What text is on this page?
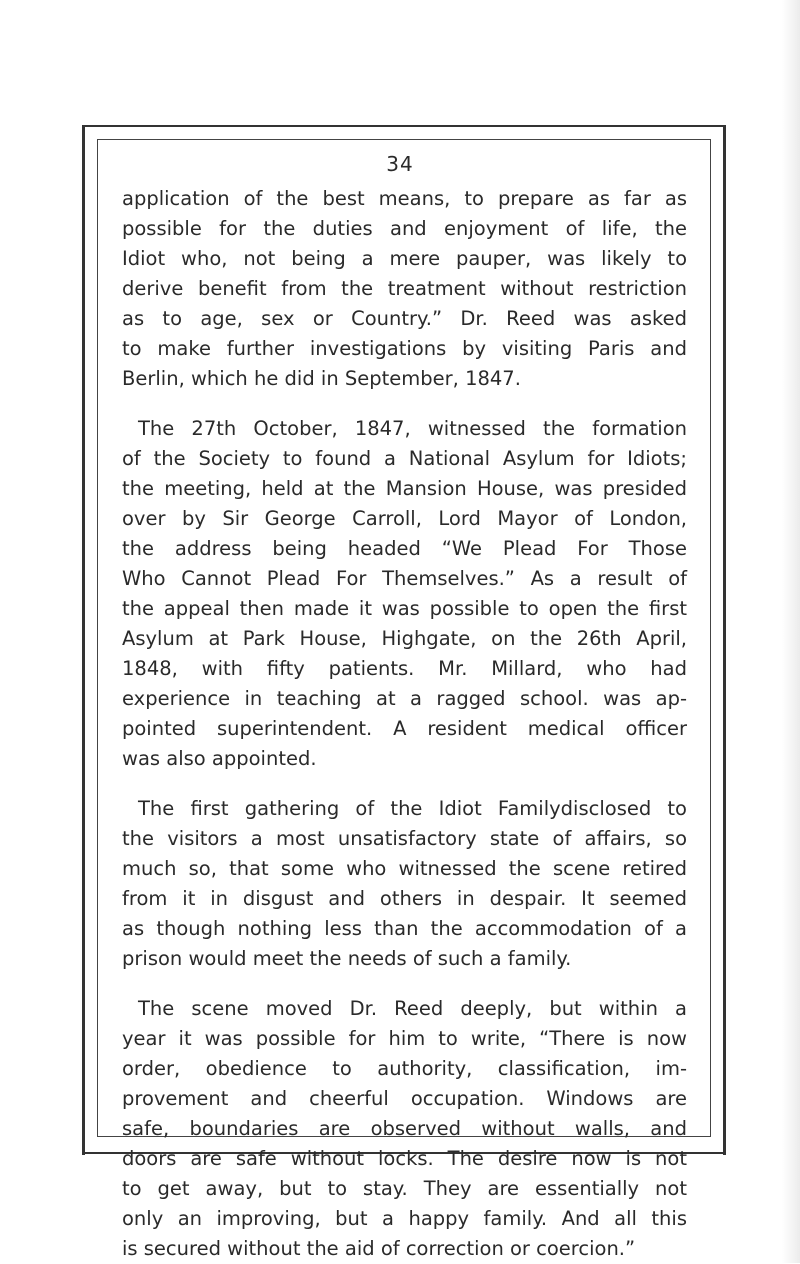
34
application of the best means, to prepare as far as
possible for the duties and enjoyment of life, the
Idiot who, not being a mere pauper, was likely to
derive benefit from the treatment without restriction
as to age, sex or Country.” Dr. Reed was asked
to make further investigations by visiting Paris and
Berlin, which he did in September, 1847.
The 27th October, 1847, witnessed the formation
of the Society to found a National Asylum for Idiots;
the meeting, held at the Mansion House, was presided
over by Sir George Carroll, Lord Mayor of London,
the address being headed “We Plead For Those
Who Cannot Plead For Themselves.” As a result of
the appeal then made it was possible to open the first
Asylum at Park House, Highgate, on the 26th April,
1848, with fifty patients. Mr. Millard, who had
experience in teaching at a ragged school. was ap-
pointed superintendent. A resident medical officer
was also appointed.
The first gathering of the Idiot Familydisclosed to
the visitors a most unsatisfactory state of affairs, so
much so, that some who witnessed the scene retired
from it in disgust and others in despair. It seemed
as though nothing less than the accommodation of a
prison would meet the needs of such a family.
The scene moved Dr. Reed deeply, but within a
year it was possible for him to write, “There is now
order, obedience to authority, classification, im-
provement and cheerful occupation. Windows are
safe, boundaries are observed without walls, and
doors are safe without locks. The desire now is not
to get away, but to stay. They are essentially not
only an improving, but a happy family. And all this
is secured without the aid of correction or coercion.”
